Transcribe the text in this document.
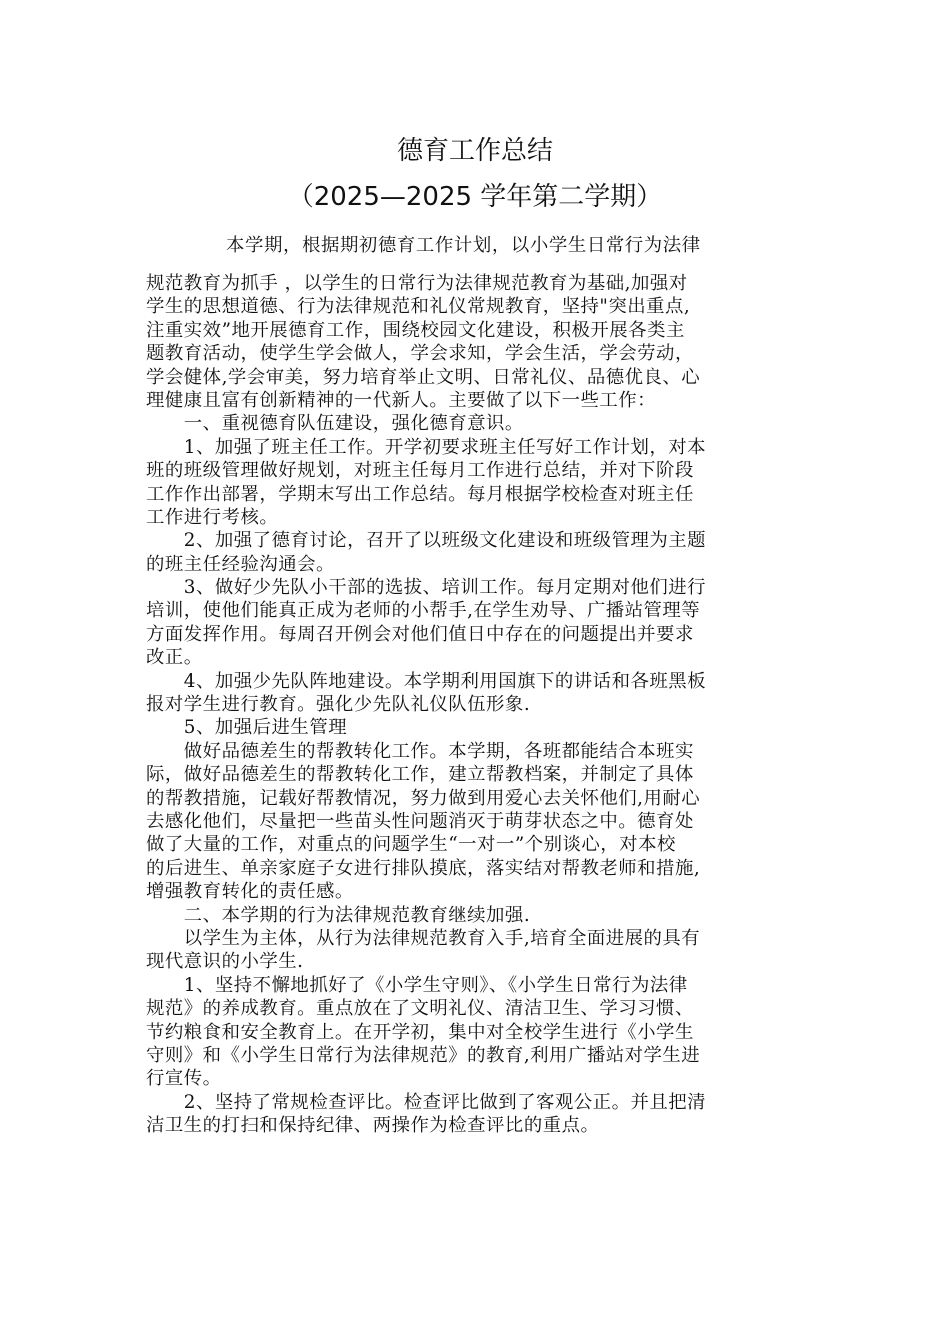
德育工作总结
（2025—2025 学年第二学期）
本学期，根据期初德育工作计划，以小学生日常行为法律
规范教育为抓手 ，以学生的日常行为法律规范教育为基础,加强对
学生的思想道德、行为法律规范和礼仪常规教育，坚持"突出重点,
注重实效”地开展德育工作，围绕校园文化建设，积极开展各类主
题教育活动，使学生学会做人，学会求知，学会生活，学会劳动，
学会健体,学会审美，努力培育举止文明、日常礼仪、品德优良、心
理健康且富有创新精神的一代新人。主要做了以下一些工作：
　　一、重视德育队伍建设，强化德育意识。
　　1、加强了班主任工作。开学初要求班主任写好工作计划，对本
班的班级管理做好规划，对班主任每月工作进行总结，并对下阶段
工作作出部署，学期末写出工作总结。每月根据学校检查对班主任
工作进行考核。
　　2、加强了德育讨论，召开了以班级文化建设和班级管理为主题
的班主任经验沟通会。
　　3、做好少先队小干部的选拔、培训工作。每月定期对他们进行
培训，使他们能真正成为老师的小帮手,在学生劝导、广播站管理等
方面发挥作用。每周召开例会对他们值日中存在的问题提出并要求
改正。
　　4、加强少先队阵地建设。本学期利用国旗下的讲话和各班黑板
报对学生进行教育。强化少先队礼仪队伍形象.
　　5、加强后进生管理
　　做好品德差生的帮教转化工作。本学期，各班都能结合本班实
际，做好品德差生的帮教转化工作，建立帮教档案，并制定了具体
的帮教措施，记载好帮教情况，努力做到用爱心去关怀他们,用耐心
去感化他们，尽量把一些苗头性问题消灭于萌芽状态之中。德育处
做了大量的工作，对重点的问题学生“一对一”个别谈心，对本校
的后进生、单亲家庭子女进行排队摸底，落实结对帮教老师和措施,
增强教育转化的责任感。
　　二、本学期的行为法律规范教育继续加强.
　　以学生为主体，从行为法律规范教育入手,培育全面进展的具有
现代意识的小学生.
　　1、坚持不懈地抓好了《小学生守则》、《小学生日常行为法律
规范》的养成教育。重点放在了文明礼仪、清洁卫生、学习习惯、
节约粮食和安全教育上。在开学初，集中对全校学生进行《小学生
守则》和《小学生日常行为法律规范》的教育,利用广播站对学生进
行宣传。
　　2、坚持了常规检查评比。检查评比做到了客观公正。并且把清
洁卫生的打扫和保持纪律、两操作为检查评比的重点。
